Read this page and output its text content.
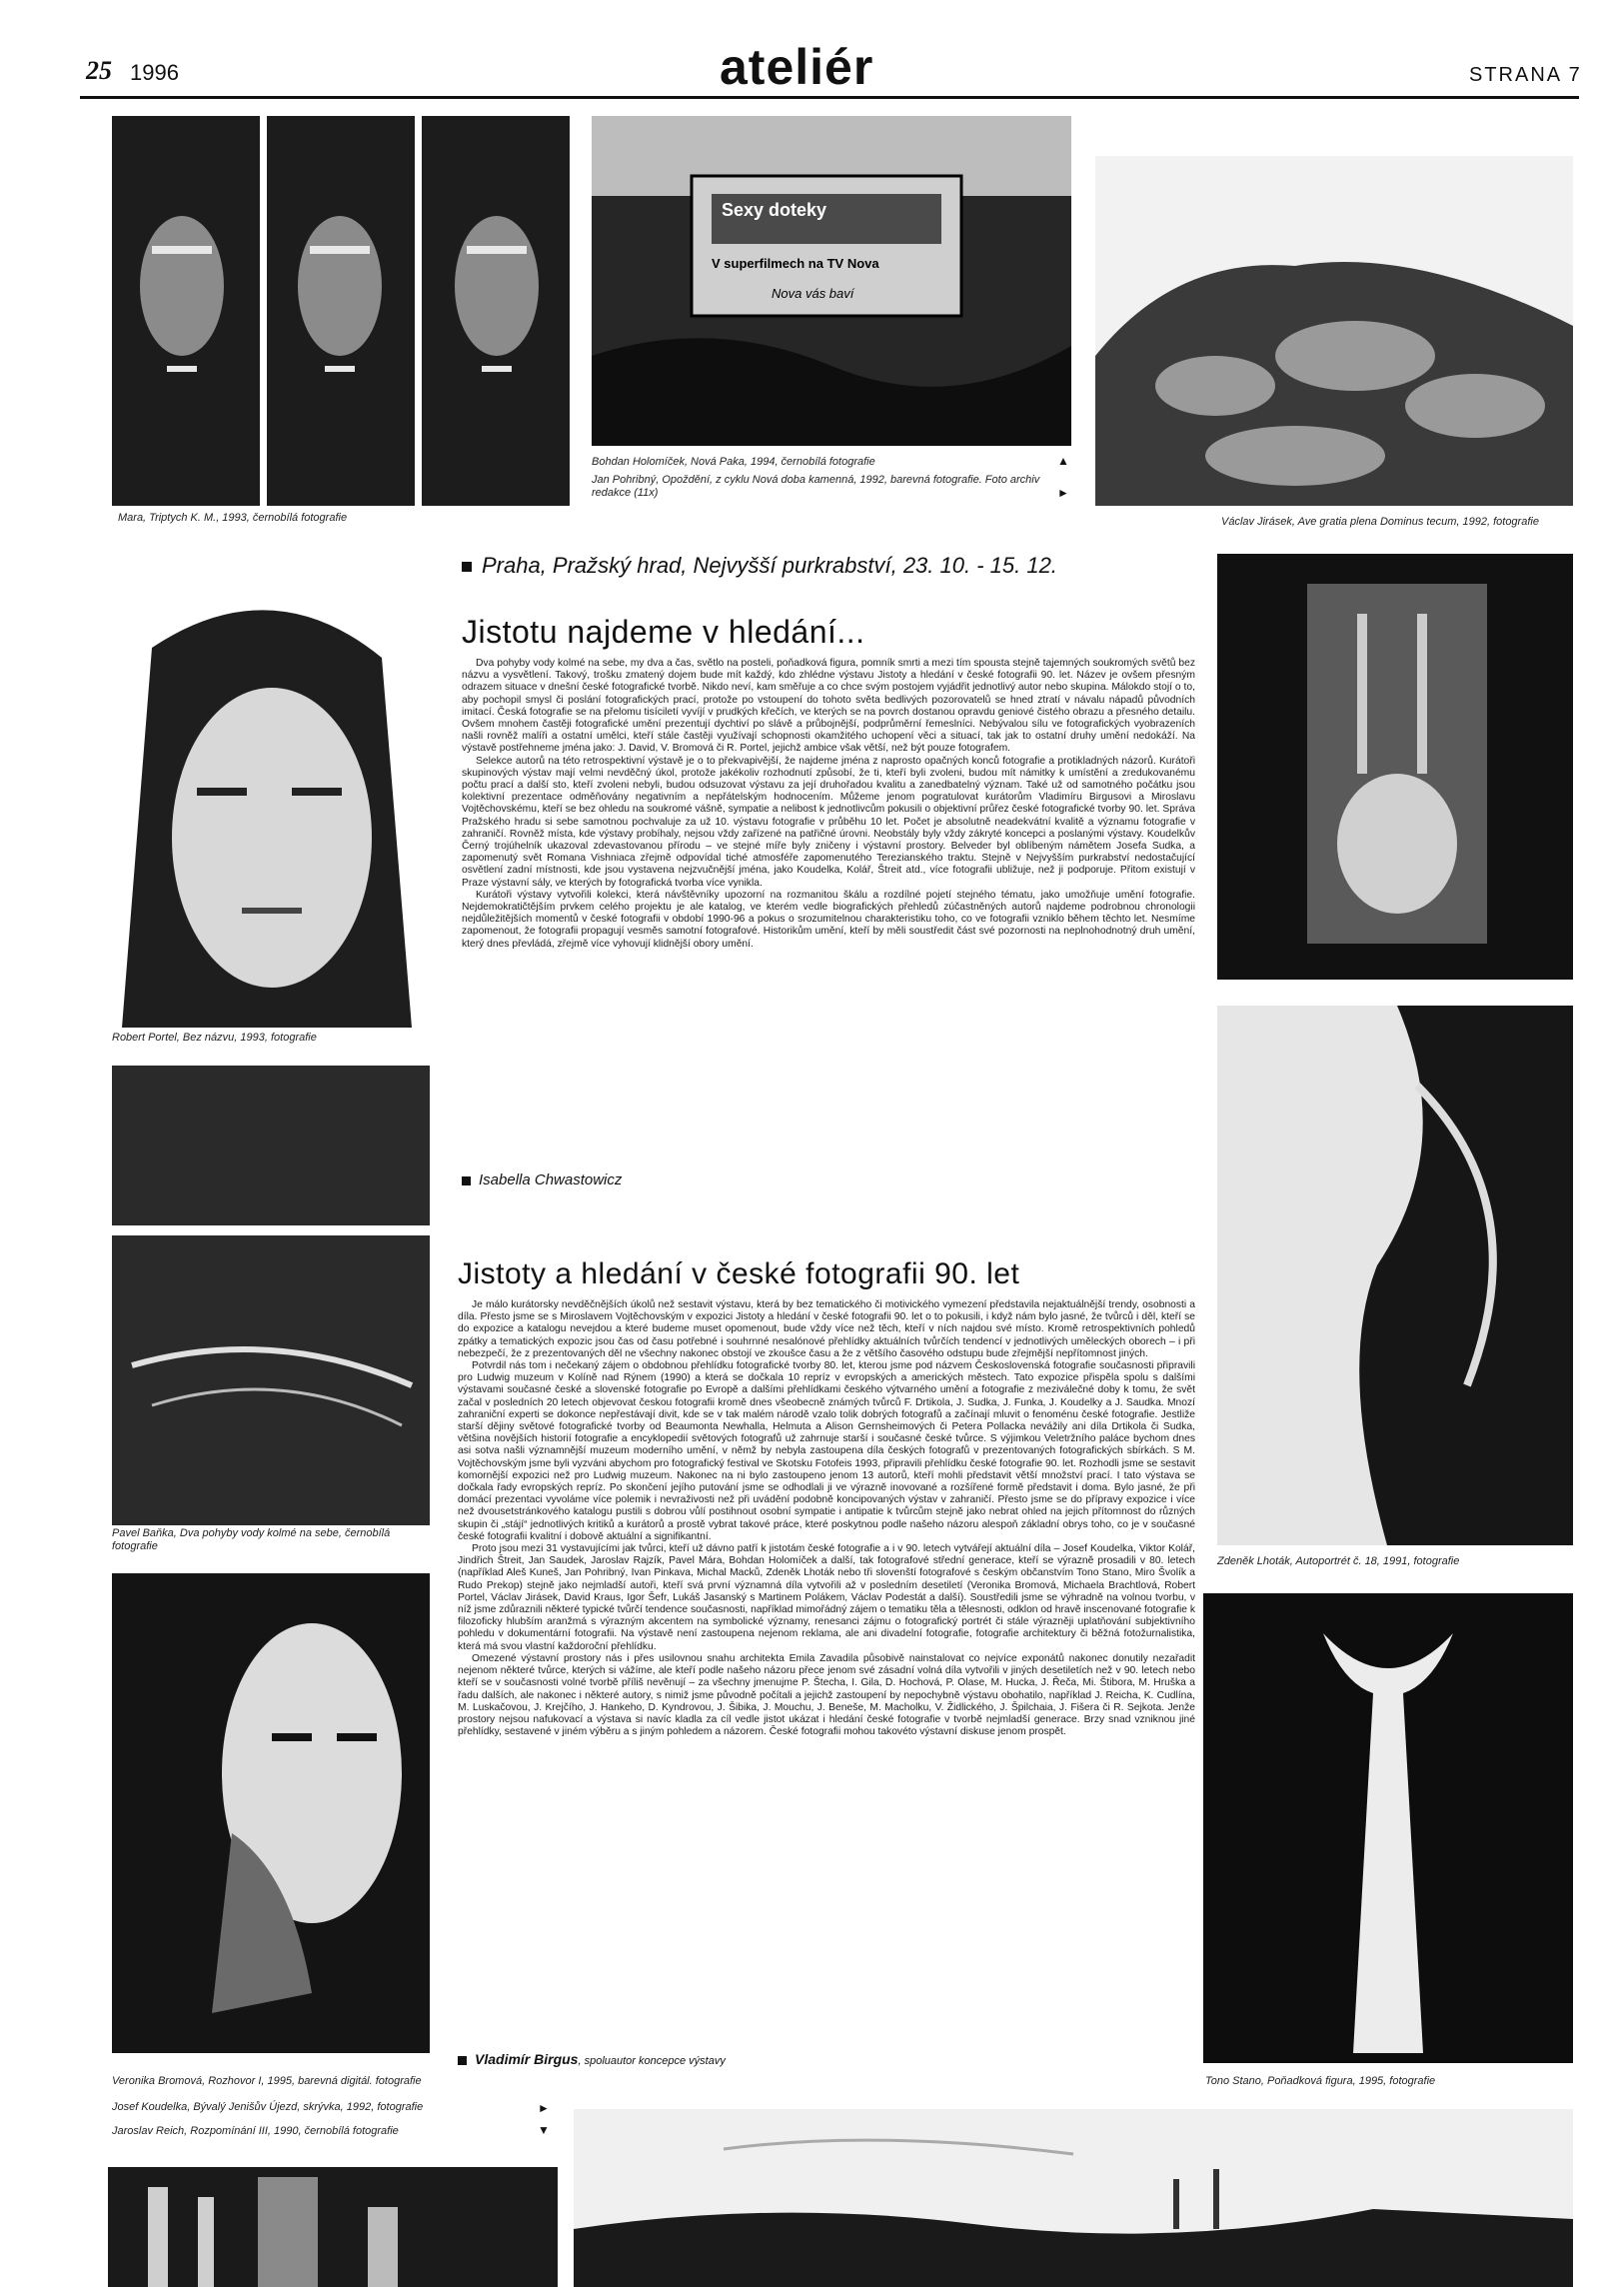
25 1996	ateliér	STRANA 7
Mara, Triptych K. M., 1993, černobílá fotografie
Sexy doteky
V superfilmech na TV Nova
Nova vás baví
Bohdan Holomíček, Nová Paka, 1994, černobílá fotografie	▲
Jan Pohribný, Opoždění, z cyklu Nová doba kamenná, 1992, barevná fotografie. Foto archiv redakce (11x)	►
Václav Jirásek, Ave gratia plena Dominus tecum, 1992, fotografie
Robert Portel, Bez názvu, 1993, fotografie
Pavel Baňka, Dva pohyby vody kolmé na sebe, černobílá fotografie
Veronika Bromová, Rozhovor I, 1995, barevná digitál. fotografie
Josef Koudelka, Bývalý Jenišův Újezd, skrývka, 1992, fotografie	►
Jaroslav Reich, Rozpomínání III, 1990, černobílá fotografie	▼
Zdeněk Lhoták, Autoportrét č. 18, 1991, fotografie
Tono Stano, Poňadková figura, 1995, fotografie
Praha, Pražský hrad, Nejvyšší purkrabství, 23. 10. - 15. 12.
Jistotu najdeme v hledání...

Dva pohyby vody kolmé na sebe, my dva a čas, světlo na posteli, poňadková figura, pomník smrti a mezi tím spousta stejně tajemných soukromých světů bez názvu a vysvětlení. Takový, trošku zmatený dojem bude mít každý, kdo zhlédne výstavu Jistoty a hledání v české fotografii 90. let. Název je ovšem přesným odrazem situace v dnešní české fotografické tvorbě. Nikdo neví, kam směřuje a co chce svým postojem vyjádřit jednotlivý autor nebo skupina. Málokdo stojí o to, aby pochopil smysl či poslání fotografických prací, protože po vstoupení do tohoto světa bedlivých pozorovatelů se hned ztratí v návalu nápadů původních imitací. Česká fotografie se na přelomu tisíciletí vyvíjí v prudkých křečích, ve kterých se na povrch dostanou opravdu geniové čistého obrazu a přesného detailu. Ovšem mnohem častěji fotografické umění prezentují dychtiví po slávě a průbojnější, podprůměrní řemeslníci. Nebývalou sílu ve fotografických vyobrazeních našli rovněž malíři a ostatní umělci, kteří stále častěji využívají schopnosti okamžitého uchopení věci a situací, tak jak to ostatní druhy umění nedokáží. Na výstavě postřehneme jména jako: J. David, V. Bromová či R. Portel, jejichž ambice však větší, než být pouze fotografem.

Selekce autorů na této retrospektivní výstavě je o to překvapivější, že najdeme jména z naprosto opačných konců fotografie a protikladných názorů. Kurátoři skupinových výstav mají velmi nevděčný úkol, protože jakékoliv rozhodnutí způsobí, že ti, kteří byli zvoleni, budou mít námitky k umístění a zredukovanému počtu prací a další sto, kteří zvoleni nebyli, budou odsuzovat výstavu za její druhořadou kvalitu a zanedbatelný význam. Také už od samotného počátku jsou kolektivní prezentace odměňovány negativním a nepřátelským hodnocením. Můžeme jenom pogratulovat kurátorům Vladimíru Birgusovi a Miroslavu Vojtěchovskému, kteří se bez ohledu na soukromé vášně, sympatie a nelibost k jednotlivcům pokusili o objektivní průřez české fotografické tvorby 90. let. Správa Pražského hradu si sebe samotnou pochvaluje za už 10. výstavu fotografie v průběhu 10 let. Počet je absolutně neadekvátní kvalitě a významu fotografie v zahraničí. Rovněž místa, kde výstavy probíhaly, nejsou vždy zařízené na patřičné úrovni. Neobstály byly vždy zákryté koncepci a poslanými výstavy. Koudelkův Černý trojúhelník ukazoval zdevastovanou přírodu – ve stejné míře byly zničeny i výstavní prostory. Belveder byl oblíbeným námětem Josefa Sudka, a zapomenutý svět Romana Vishniaca zřejmě odpovídal tiché atmosféře zapomenutého Terezianského traktu. Stejně v Nejvyšším purkrabství nedostačující osvětlení zadní místnosti, kde jsou vystavena nejzvučnější jména, jako Koudelka, Kolář, Štreit atd., více fotografii ubližuje, než ji podporuje. Přitom existují v Praze výstavní sály, ve kterých by fotografická tvorba více vynikla.

Kurátoři výstavy vytvořili kolekci, která návštěvníky upozorní na rozmanitou škálu a rozdílné pojetí stejného tématu, jako umožňuje umění fotografie. Nejdemokratičtějším prvkem celého projektu je ale katalog, ve kterém vedle biografických přehledů zúčastněných autorů najdeme podrobnou chronologii nejdůležitějších momentů v české fotografii v období 1990-96 a pokus o srozumitelnou charakteristiku toho, co ve fotografii vzniklo během těchto let. Nesmíme zapomenout, že fotografii propagují vesměs samotní fotografové. Historikům umění, kteří by měli soustředit část své pozornosti na neplnohodnotný druh umění, který dnes převládá, zřejmě více vyhovují klidnější obory umění.

Isabella Chwastowicz
Jistoty a hledání v české fotografii 90. let

Je málo kurátorsky nevděčnějších úkolů než sestavit výstavu, která by bez tematického či motivického vymezení představila nejaktuálnější trendy, osobnosti a díla. Přesto jsme se s Miroslavem Vojtěchovským v expozici Jistoty a hledání v české fotografii 90. let o to pokusili, i když nám bylo jasné, že tvůrců i děl, kteří se do expozice a katalogu nevejdou a které budeme muset opomenout, bude vždy více než těch, kteří v ních najdou své místo. Kromě retrospektivních pohledů zpátky a tematických expozic jsou čas od času potřebné i souhrnné nesalónové přehlídky aktuálních tvůrčích tendencí v jednotlivých uměleckých oborech – i při nebezpečí, že z prezentovaných děl ne všechny nakonec obstojí ve zkoušce času a že z většího časového odstupu bude zřejmější nepřítomnost jiných.

Potvrdil nás tom i nečekaný zájem o obdobnou přehlídku fotografické tvorby 80. let, kterou jsme pod názvem Československá fotografie současnosti připravili pro Ludwig muzeum v Kolíně nad Rýnem (1990) a která se dočkala 10 repríz v evropských a amerických městech. Tato expozice přispěla spolu s dalšími výstavami současné české a slovenské fotografie po Evropě a dalšími přehlídkami českého výtvarného umění a fotografie z meziválečné doby k tomu, že svět začal v posledních 20 letech objevovat českou fotografii kromě dnes všeobecně známých tvůrců F. Drtikola, J. Sudka, J. Funka, J. Koudelky a J. Saudka. Mnozí zahraniční experti se dokonce nepřestávají divit, kde se v tak malém národě vzalo tolik dobrých fotografů a začínají mluvit o fenoménu české fotografie. Jestliže starší dějiny světové fotografické tvorby od Beaumonta Newhalla, Helmuta a Alison Gernsheimových či Petera Pollacka nevážily ani díla Drtikola či Sudka, většina novějších historií fotografie a encyklopedií světových fotografů už zahrnuje starší i současné české tvůrce. S výjimkou Veletržního paláce bychom dnes asi sotva našli významnější muzeum moderního umění, v němž by nebyla zastoupena díla českých fotografů v prezentovaných fotografických sbírkách. S M. Vojtěchovským jsme byli vyzváni abychom pro fotografický festival ve Skotsku Fotofeis 1993, připravili přehlídku české fotografie 90. let. Rozhodli jsme se sestavit komornější expozici než pro Ludwig muzeum. Nakonec na ni bylo zastoupeno jenom 13 autorů, kteří mohli představit větší množství prací. I tato výstava se dočkala řady evropských repríz. Po skončení jejího putování jsme se odhodlali ji ve výrazně inovované a rozšířené formě představit i doma. Bylo jasné, že při domácí prezentaci vyvoláme více polemik i nevraživosti než při uvádění podobně koncipovaných výstav v zahraničí. Přesto jsme se do přípravy expozice i více než dvousetstránkového katalogu pustili s dobrou vůlí postihnout osobní sympatie i antipatie k tvůrcům stejně jako nebrat ohled na jejich přítomnost do různých skupin či „stájí“ jednotlivých kritiků a kurátorů a prostě vybrat takové práce, které poskytnou podle našeho názoru alespoň základní obrys toho, co je v současné české fotografii kvalitní i dobově aktuální a signifikantní.

Proto jsou mezi 31 vystavujícími jak tvůrci, kteří už dávno patří k jistotám české fotografie a i v 90. letech vytvářejí aktuální díla – Josef Koudelka, Viktor Kolář, Jindřich Štreit, Jan Saudek, Jaroslav Rajzík, Pavel Mára, Bohdan Holomíček a další, tak fotografové střední generace, kteří se výrazně prosadili v 80. letech (například Aleš Kuneš, Jan Pohribný, Ivan Pinkava, Michal Macků, Zdeněk Lhoták nebo tři slovenští fotografové s českým občanstvím Tono Stano, Miro Švolík a Rudo Prekop) stejně jako nejmladší autoři, kteří svá první významná díla vytvořili až v posledním desetiletí (Veronika Bromová, Michaela Brachtlová, Robert Portel, Václav Jirásek, David Kraus, Igor Šefr, Lukáš Jasanský s Martinem Polákem, Václav Podestát a další). Soustředili jsme se výhradně na volnou tvorbu, v níž jsme zdůraznili některé typické tvůrčí tendence současnosti, například mimořádný zájem o tematiku těla a tělesnosti, odklon od hravě inscenované fotografie k filozoficky hlubším aranžmá s výrazným akcentem na symbolické významy, renesanci zájmu o fotografický portrét či stále výrazněji uplatňování subjektivního pohledu v dokumentární fotografii. Na výstavě není zastoupena nejenom reklama, ale ani divadelní fotografie, fotografie architektury či běžná fotožurnalistika, která má svou vlastní každoroční přehlídku.

Omezené výstavní prostory nás i přes usilovnou snahu architekta Emila Zavadila působivě nainstalovat co nejvíce exponátů nakonec donutily nezařadit nejenom některé tvůrce, kterých si vážíme, ale kteří podle našeho názoru přece jenom své zásadní volná díla vytvořili v jiných desetiletích než v 90. letech nebo kteří se v současnosti volné tvorbě příliš nevěnují – za všechny jmenujme P. Štecha, I. Gila, D. Hochová, P. Olase, M. Hucka, J. Řeča, Mi. Štibora, M. Hruška a řadu dalších, ale nakonec i některé autory, s nimiž jsme původně počítali a jejichž zastoupení by nepochybně výstavu obohatilo, například J. Reicha, K. Cudlína, M. Luskačovou, J. Krejčího, J. Hankeho, D. Kyndrovou, J. Šibika, J. Mouchu, J. Beneše, M. Macholku, V. Židlického, J. Špilchaia, J. Fišera či R. Sejkota. Jenže prostory nejsou nafukovací a výstava si navíc kladla za cíl vedle jistot ukázat i hledání české fotografie v tvorbě nejmladší generace. Brzy snad vzniknou jiné přehlídky, sestavené v jiném výběru a s jiným pohledem a názorem. České fotografii mohou takovéto výstavní diskuse jenom prospět.

Vladimír Birgus, spoluautor koncepce výstavy
